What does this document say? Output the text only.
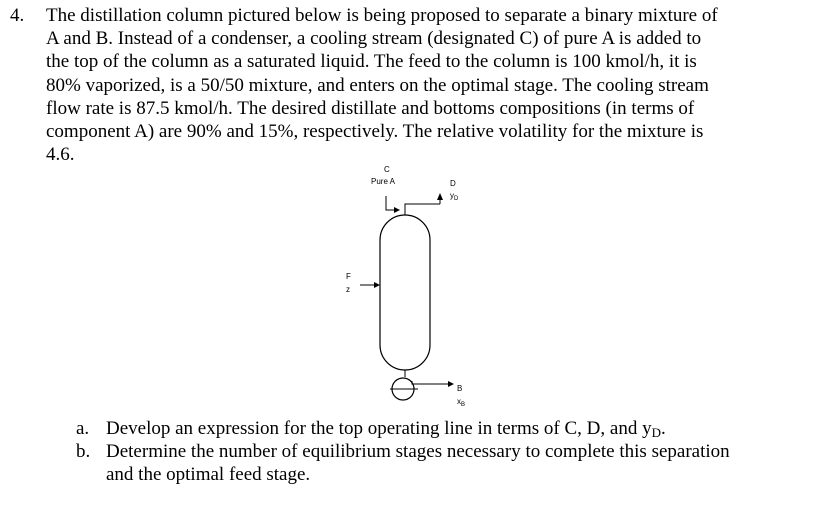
4.	The distillation column pictured below is being proposed to separate a binary mixture of
A and B. Instead of a condenser, a cooling stream (designated C) of pure A is added to
the top of the column as a saturated liquid. The feed to the column is 100 kmol/h, it is
80% vaporized, is a 50/50 mixture, and enters on the optimal stage. The cooling stream
flow rate is 87.5 kmol/h. The desired distillate and bottoms compositions (in terms of
component A) are 90% and 15%, respectively. The relative volatility for the mixture is
4.6.
C
Pure A	D
$y_D$
F
z
B
$x_B$
a. Develop an expression for the top operating line in terms of C, D, and $y_D$.
b. Determine the number of equilibrium stages necessary to complete this separation
and the optimal feed stage.
